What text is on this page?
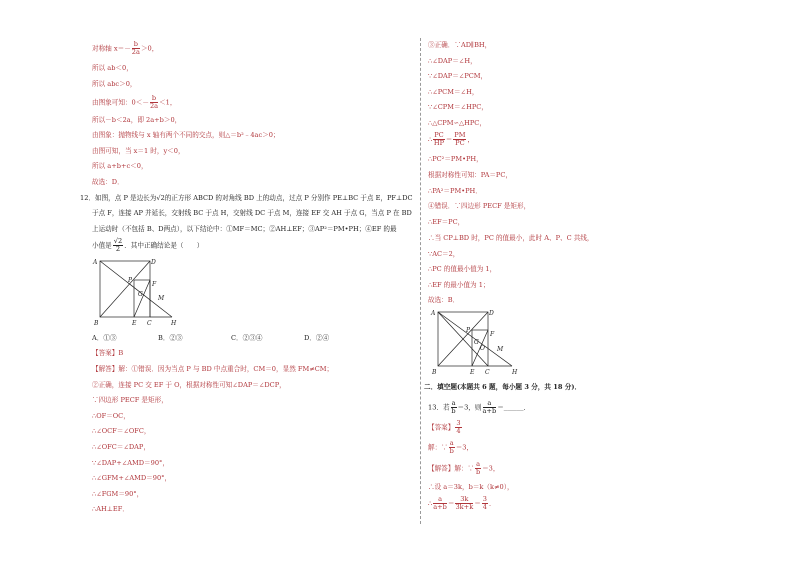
对称轴 $x=- \frac{b}{2a} >0$，
所以 ab＜0，
所以 abc＞0，
由图象可知：$0<- \frac{b}{2a} <1$，
所以－b＜2a，即 2a+b＞0，
由图象：抛物线与 x 轴有两个不同的交点，则△＝b²﹣4ac＞0；
由图可知，当 x＝1 时，y＜0，
所以 a+b+c＜0，
故选：D．
12．如图，点 P 是边长为√2的正方形 ABCD 的对角线 BD 上的动点，过点 P 分别作 PE⊥BC 于点 E，PF⊥DC
于点 F，连接 AP 并延长，交射线 BC 于点 H，交射线 DC 于点 M，连接 EF 交 AH 于点 G，当点 P 在 BD
上运动时（不包括 B、D两点），以下结论中：①MF＝MC；②AH⊥EF；③AP²＝PM•PH；④EF 的最
小值是 $\frac{√2}{2}$ ．其中正确结论是（　　）
A	D
P
F
G
M
B	E C	H
A．①③	B．②③	C．②③④	D．②④
【答案】B
【解答】解：①错误．因为当点 P 与 BD 中点重合时，CM＝0，显然 FM≠CM；
②正确，连接 PC 交 EF 于 O，根据对称性可知∠DAP＝∠DCP，
∵四边形 PECF 是矩形，
∴OF＝OC，
∴∠OCF＝∠OFC，
∴∠OFC＝∠DAP，
∵∠DAP+∠AMD＝90°，
∴∠GFM+∠AMD＝90°，
∴∠FGM＝90°，
∴AH⊥EF．
③正确．∵AD∥BH，
∴∠DAP＝∠H，
∵∠DAP＝∠PCM，
∴∠PCM＝∠H，
∵∠CPM＝∠HPC，
∴△CPM∽△HPC，
∴ $\frac{PC}{HP} = \frac{PM}{PC}$ ，
∴PC²＝PM•PH，
根据对称性可知：PA＝PC，
∴PA²＝PM•PH．
④错误．∵四边形 PECF 是矩形，
∴EF＝PC，
∴当 CP⊥BD 时，PC 的值最小，此时 A、P、C 共线，
∵AC＝2，
∴PC 的值最小值为 1，
∴EF 的最小值为 1；
故选：B．
A	D
P
F
G
O M
B	E C	H
二．填空题(本题共 6 题，每小题 3 分，共 18 分)．
13．若 $\frac{a}{b} =3$，则 $\frac{a}{a+b}$ ＝______．
【答案】 $\frac{3}{4}$
解：∵ $\frac{a}{b} =3$，
【解答】解：∵ $\frac{a}{b} =3$，
∴设 a＝3k，b＝k（k≠0），
∴ $\frac{a}{a+b} = \frac{3k}{3k+k} = \frac{3}{4}$ ．
